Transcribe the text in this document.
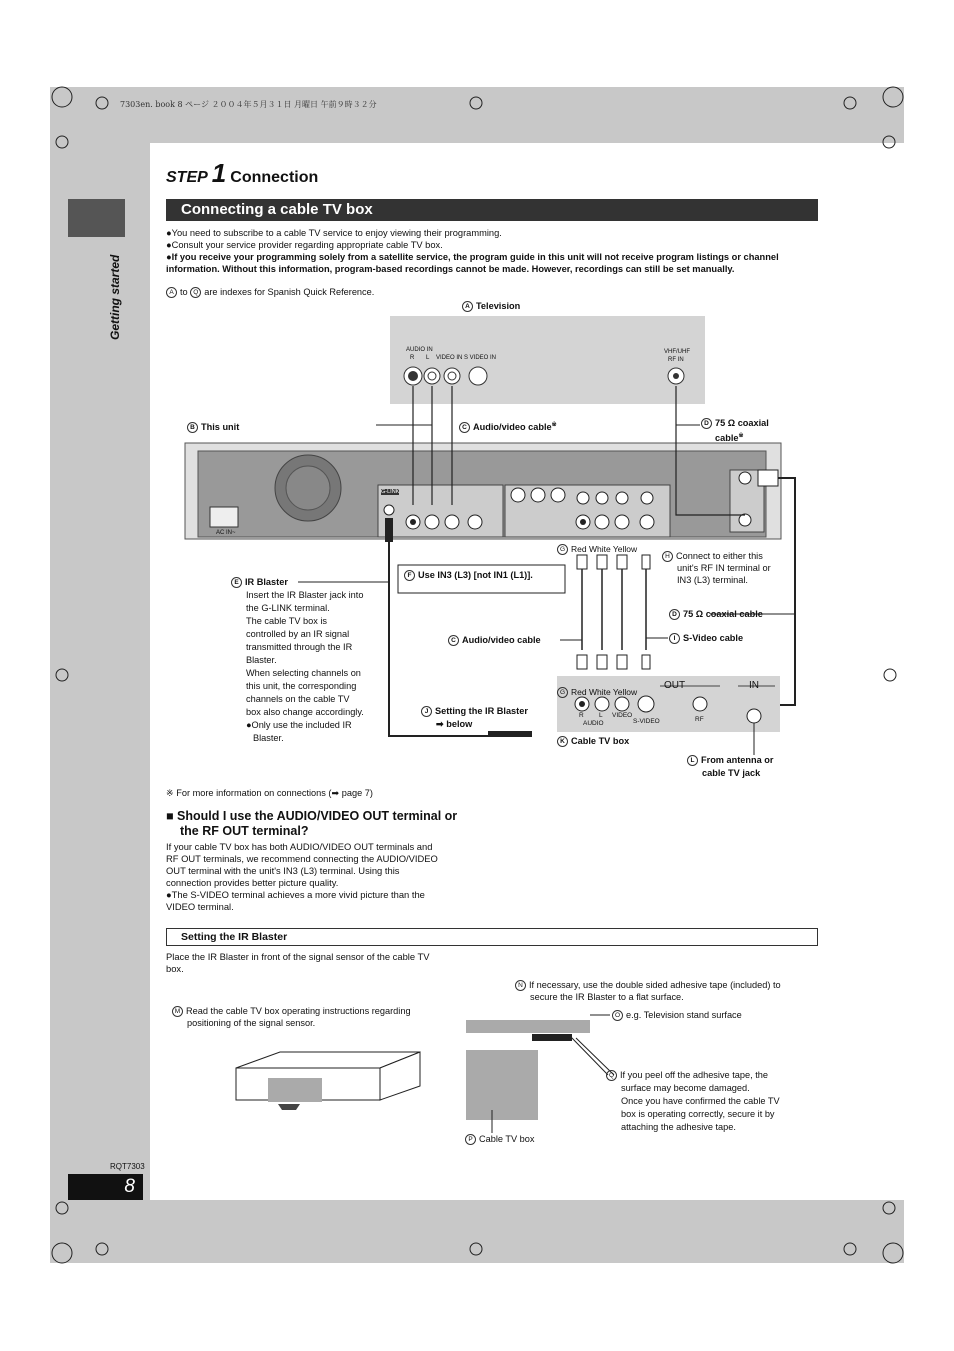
Getting started
7303en. book 8 ページ ２００４年５月３１日 月曜日 午前９時３２分
STEP 1 Connection
Connecting a cable TV box
●You need to subscribe to a cable TV service to enjoy viewing their programming.
●Consult your service provider regarding appropriate cable TV box.
●If you receive your programming solely from a satellite service, the program guide in this unit will not receive program listings or channel information. Without this information, program-based recordings cannot be made. However, recordings can still be set manually.
A to Q are indexes for Spanish Quick Reference.
A Television
AUDIO IN
R L VIDEO IN S VIDEO IN
VHF/UHF
RF IN
B This unit
AC IN~
G-LINK
C Audio/video cable※	D 75 Ω coaxial
cable※
E IR Blaster
Insert the IR Blaster jack into
the G-LINK terminal.
The cable TV box is
controlled by an IR signal
transmitted through the IR
Blaster.
When selecting channels on
this unit, the corresponding
channels on the cable TV
box also change accordingly.
●Only use the included IR
Blaster.
F Use IN3 (L3) [not IN1 (L1)].
G Red White Yellow
H Connect to either this
unit's RF IN terminal or
IN3 (L3) terminal.
D 75 Ω coaxial cable
C Audio/video cable	I S-Video cable
G Red White Yellow
OUT	IN
R L
AUDIO
VIDEO
S-VIDEO	RF
J Setting the IR Blaster
➡ below
K Cable TV box
L From antenna or
cable TV jack
※ For more information on connections (➡ page 7)
■ Should I use the AUDIO/VIDEO OUT terminal or
the RF OUT terminal?
If your cable TV box has both AUDIO/VIDEO OUT terminals and
RF OUT terminals, we recommend connecting the AUDIO/VIDEO
OUT terminal with the unit's IN3 (L3) terminal. Using this
connection provides better picture quality.
●The S-VIDEO terminal achieves a more vivid picture than the
VIDEO terminal.
Setting the IR Blaster
Place the IR Blaster in front of the signal sensor of the cable TV
box.
M Read the cable TV box operating instructions regarding
positioning of the signal sensor.
N If necessary, use the double sided adhesive tape (included) to
secure the IR Blaster to a flat surface.
O e.g. Television stand surface
Q If you peel off the adhesive tape, the
surface may become damaged.
Once you have confirmed the cable TV
box is operating correctly, secure it by
attaching the adhesive tape.
P Cable TV box
RQT7303
8
